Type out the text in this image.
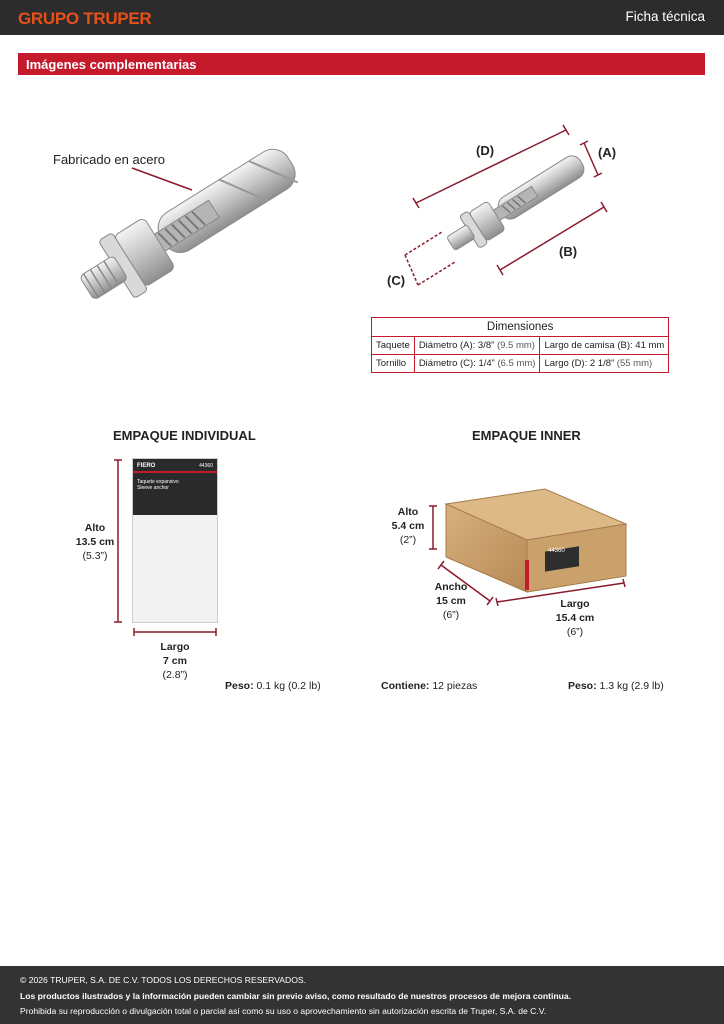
GRUPO TRUPER	Ficha técnica
Imágenes complementarias
Fabricado en acero
(D)	(A)
(B)
(C)
Dimensiones		
Taquete	Diámetro (A): 3/8” (9.5 mm)	Largo de camisa (B): 41 mm
Tornillo	Diámetro (C): 1/4” (6.5 mm)	Largo (D): 2 1/8” (55 mm)
EMPAQUE INDIVIDUAL
FIERO	44360
Taquete expansivo
Sleeve anchor
Alto
13.5 cm
(5.3”)
Largo
7 cm
(2.8”)
Peso: 0.1 kg (0.2 lb)
EMPAQUE INNER
Alto
5.4 cm
(2”)
Ancho
15 cm
(6”)
Largo
15.4 cm
(6”)
Contiene: 12 piezas	Peso: 1.3 kg (2.9 lb)
44360

© 2026 TRUPER, S.A. DE C.V. TODOS LOS DERECHOS RESERVADOS.

Los productos ilustrados y la información pueden cambiar sin previo aviso, como resultado de nuestros procesos de mejora continua.

Prohibida su reproducción o divulgación total o parcial así como su uso o aprovechamiento sin autorización escrita de Truper, S.A. de C.V.
